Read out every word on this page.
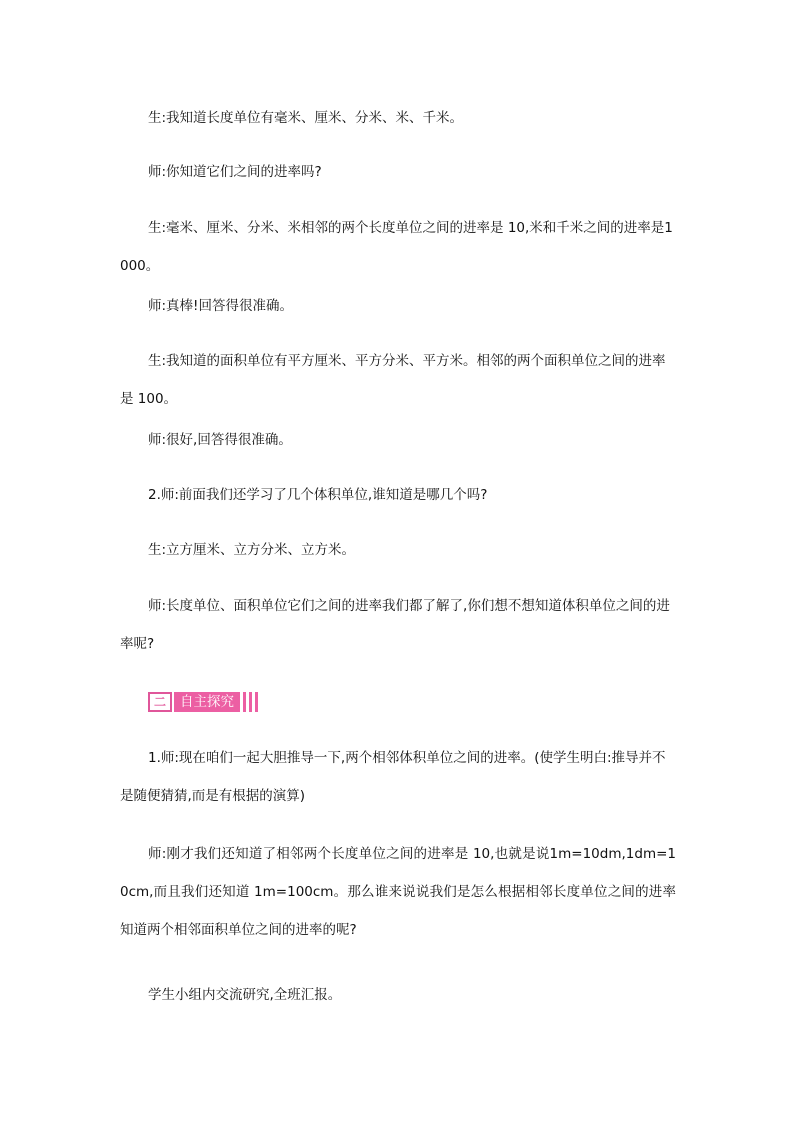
生:我知道长度单位有毫米、厘米、分米、米、千米。

师:你知道它们之间的进率吗?

生:毫米、厘米、分米、米相邻的两个长度单位之间的进率是 10,米和千米之间的进率是1000。

师:真棒!回答得很准确。

生:我知道的面积单位有平方厘米、平方分米、平方米。相邻的两个面积单位之间的进率是 100。

师:很好,回答得很准确。

2.师:前面我们还学习了几个体积单位,谁知道是哪几个吗?

生:立方厘米、立方分米、立方米。

师:长度单位、面积单位它们之间的进率我们都了解了,你们想不想知道体积单位之间的进率呢?

二	自主探究

1.师:现在咱们一起大胆推导一下,两个相邻体积单位之间的进率。(使学生明白:推导并不是随便猜猜,而是有根据的演算)

师:刚才我们还知道了相邻两个长度单位之间的进率是 10,也就是说1m=10dm,1dm=10cm,而且我们还知道 1m=100cm。那么谁来说说我们是怎么根据相邻长度单位之间的进率知道两个相邻面积单位之间的进率的呢?

学生小组内交流研究,全班汇报。
